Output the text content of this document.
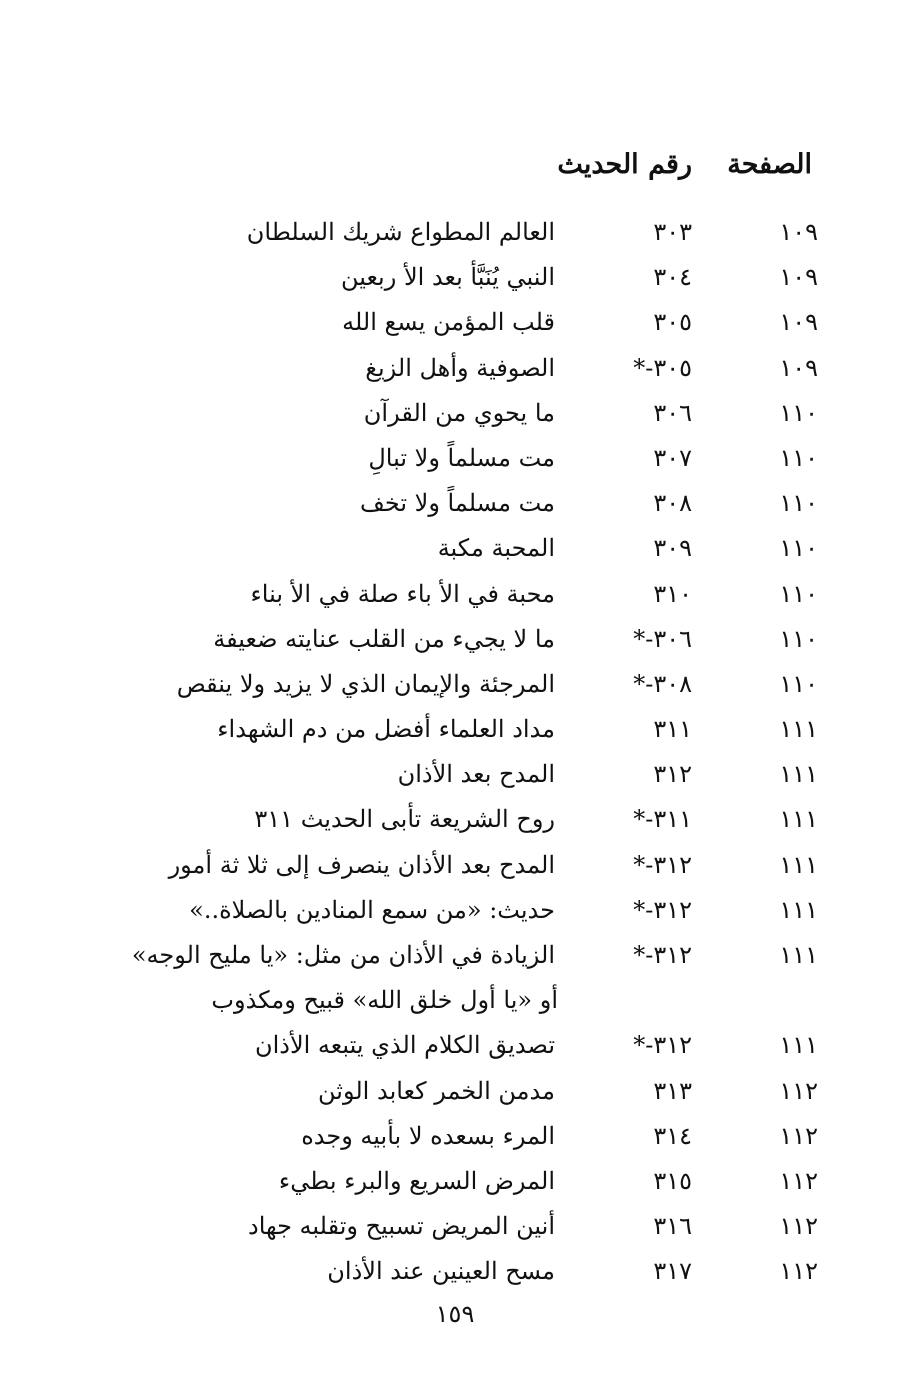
الصفحة
رقم الحديث
١٠٩
٣٠٣
العالم المطواع شريك السلطان
١٠٩
٣٠٤
النبي يُنَبَّأ بعد الأ ربعين
١٠٩
٣٠٥
قلب المؤمن يسع الله
١٠٩
٣٠٥-*
الصوفية وأهل الزيغ
١١٠
٣٠٦
ما يحوي من القرآن
١١٠
٣٠٧
مت مسلماً ولا تبالِ
١١٠
٣٠٨
مت مسلماً ولا تخف
١١٠
٣٠٩
المحبة مكبة
١١٠
٣١٠
محبة في الأ باء صلة في الأ بناء
١١٠
٣٠٦-*
ما لا يجيء من القلب عنايته ضعيفة
١١٠
٣٠٨-*
المرجئة والإيمان الذي لا يزيد ولا ينقص
١١١
٣١١
مداد العلماء أفضل من دم الشهداء
١١١
٣١٢
المدح بعد الأذان
١١١
٣١١-*
روح الشريعة تأبى الحديث ٣١١
١١١
٣١٢-*
المدح بعد الأذان ينصرف إلى ثلا ثة أمور
١١١
٣١٢-*
حديث: «من سمع المنادين بالصلاة..»
١١١
٣١٢-*
الزيادة في الأذان من مثل: «يا مليح الوجه»
أو «يا أول خلق الله» قبيح ومكذوب
١١١
٣١٢-*
تصديق الكلام الذي يتبعه الأذان
١١٢
٣١٣
مدمن الخمر كعابد الوثن
١١٢
٣١٤
المرء بسعده لا بأبيه وجده
١١٢
٣١٥
المرض السريع والبرء بطيء
١١٢
٣١٦
أنين المريض تسبيح وتقلبه جهاد
١١٢
٣١٧
مسح العينين عند الأذان
١٥٩
